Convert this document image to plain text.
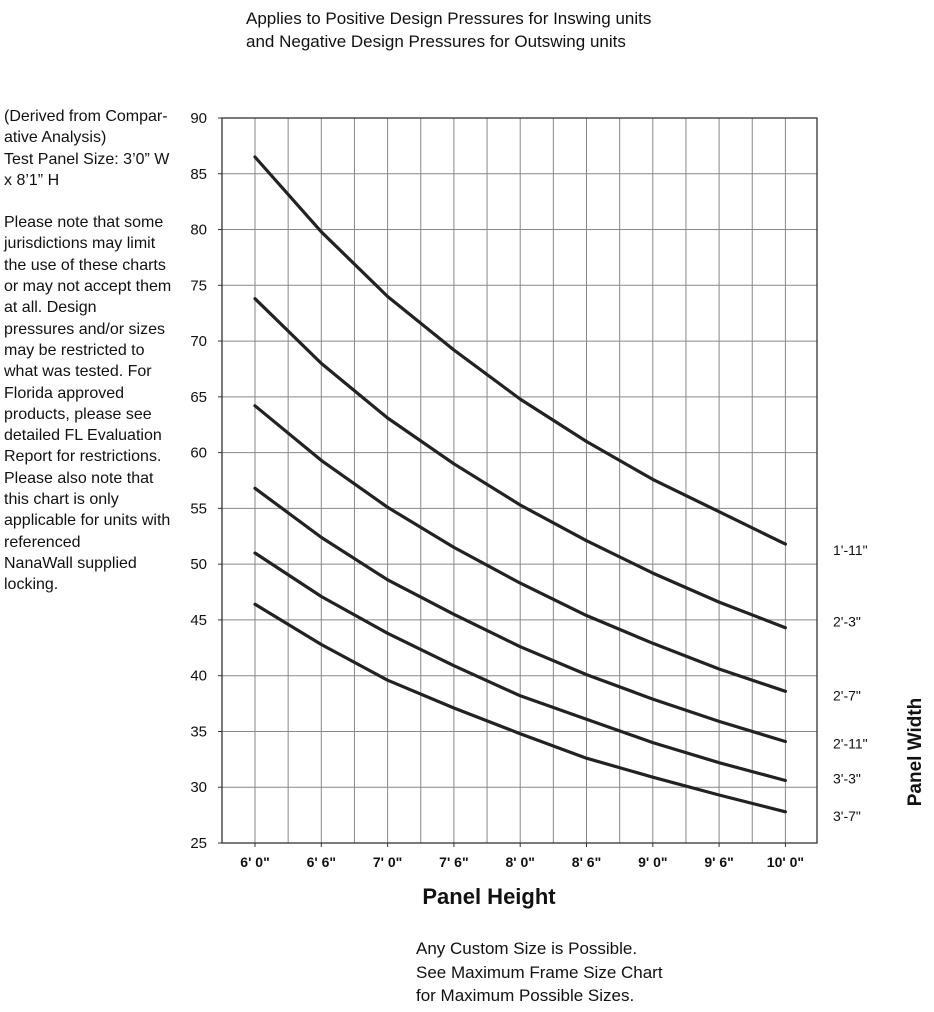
Applies to Positive Design Pressures for Inswing units
and Negative Design Pressures for Outswing units

(Derived from Compar-

ative Analysis)

Test Panel Size: 3’0” W

x 8’1” H

Please note that some

jurisdictions may limit

the use of these charts

or may not accept them

at all. Design

pressures and/or sizes

may be restricted to

what was tested. For

Florida approved

products, please see

detailed FL Evaluation

Report for restrictions.

Please also note that

this chart is only

applicable for units with

referenced

NanaWall supplied

locking.

90
85
80
75
70
65
60
55
50
45
40
35
30
25
6' 0"	6' 6"	7' 0"	7' 6"	8' 0"	8' 6"	9' 0"	9' 6" 10' 0"
1'-11"
2'-3"
2'-7"
2'-11"
3'-3"
3'-7"
Panel Height
Panel Width
Any Custom Size is Possible.
See Maximum Frame Size Chart
for Maximum Possible Sizes.
